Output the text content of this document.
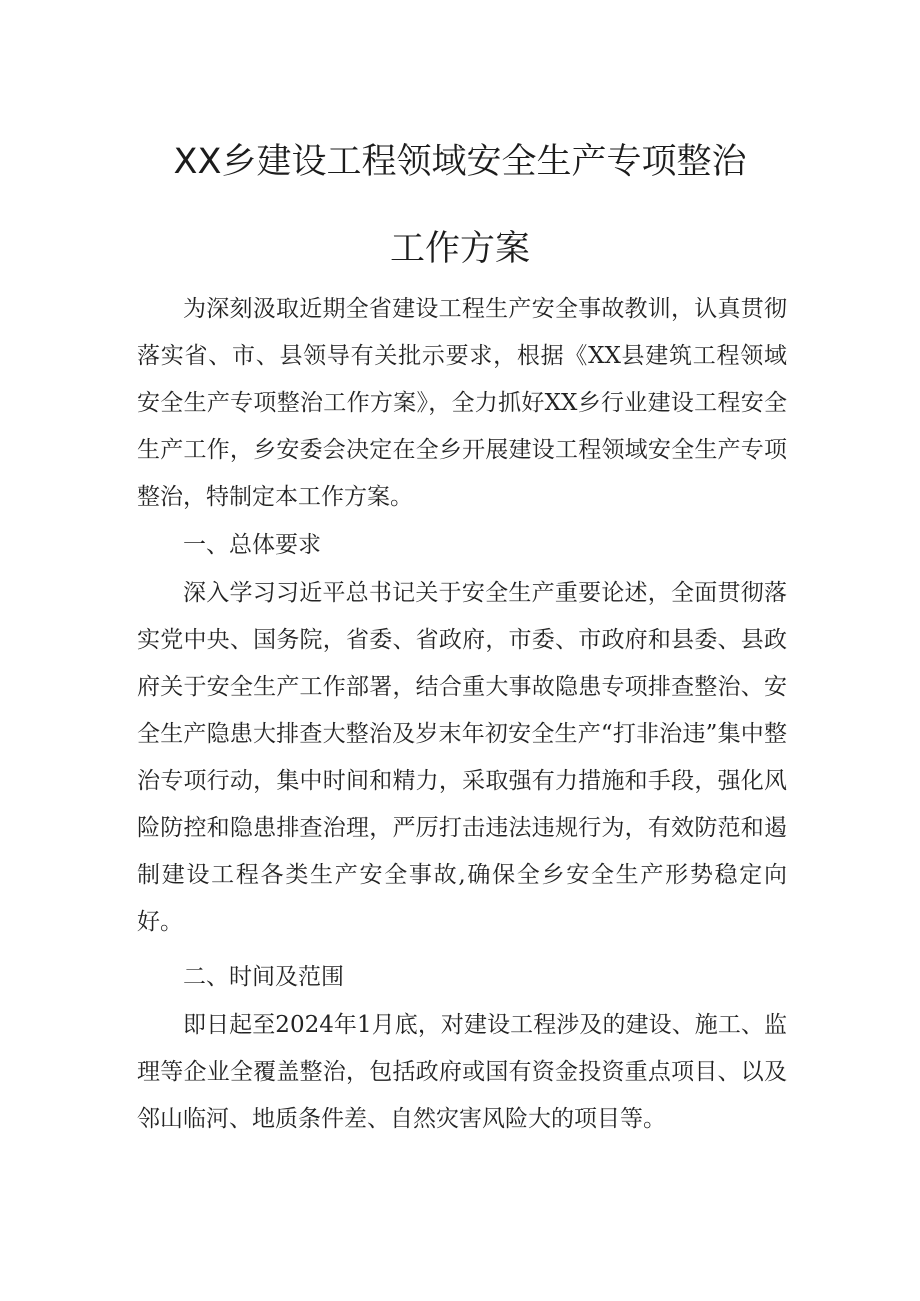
XX乡建设工程领域安全生产专项整治
工作方案

为深刻汲取近期全省建设工程生产安全事故教训，认真贯彻落实省、市、县领导有关批示要求，根据《XX县建筑工程领域安全生产专项整治工作方案》，全力抓好XX乡行业建设工程安全生产工作，乡安委会决定在全乡开展建设工程领域安全生产专项整治，特制定本工作方案。

一、总体要求

深入学习习近平总书记关于安全生产重要论述，全面贯彻落实党中央、国务院，省委、省政府，市委、市政府和县委、县政府关于安全生产工作部署，结合重大事故隐患专项排查整治、安全生产隐患大排查大整治及岁末年初安全生产“打非治违”集中整治专项行动，集中时间和精力，采取强有力措施和手段，强化风险防控和隐患排查治理，严厉打击违法违规行为，有效防范和遏制建设工程各类生产安全事故,确保全乡安全生产形势稳定向好。

二、时间及范围

即日起至2024年1月底，对建设工程涉及的建设、施工、监理等企业全覆盖整治，包括政府或国有资金投资重点项目、以及邻山临河、地质条件差、自然灾害风险大的项目等。
